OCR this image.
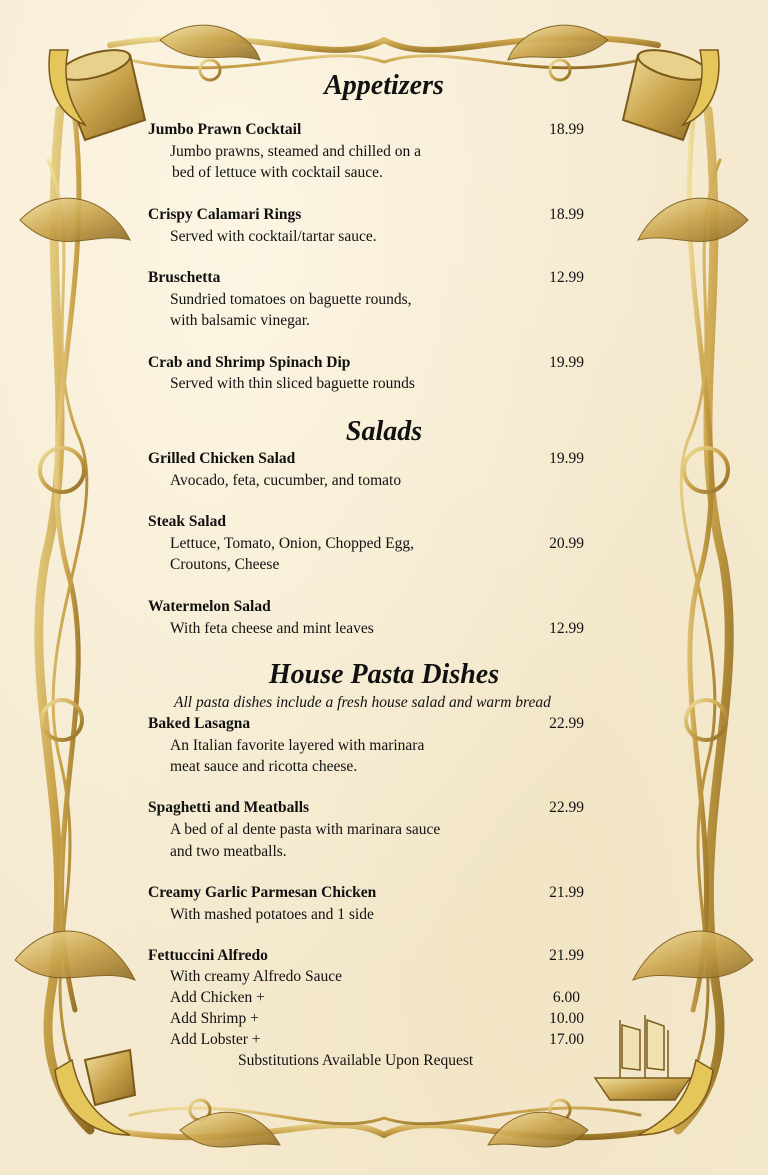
Appetizers
Jumbo Prawn Cocktail	18.99
Jumbo prawns, steamed and chilled on a
bed of lettuce with cocktail sauce.
Crispy Calamari Rings	18.99
Served with cocktail/tartar sauce.
Bruschetta	12.99
Sundried tomatoes on baguette rounds,
with balsamic vinegar.
Crab and Shrimp Spinach Dip	19.99
Served with thin sliced baguette rounds
Salads
Grilled Chicken Salad	19.99
Avocado, feta, cucumber, and tomato
Steak Salad
Lettuce, Tomato, Onion, Chopped Egg,	20.99
Croutons, Cheese
Watermelon Salad
With feta cheese and mint leaves	12.99
House Pasta Dishes
All pasta dishes include a fresh house salad and warm bread
Baked Lasagna	22.99
An Italian favorite layered with marinara
meat sauce and ricotta cheese.
Spaghetti and Meatballs	22.99
A bed of al dente pasta with marinara sauce
and two meatballs.
Creamy Garlic Parmesan Chicken	21.99
With mashed potatoes and 1 side
Fettuccini Alfredo	21.99
With creamy Alfredo Sauce
Add Chicken +	6.00
Add Shrimp +	10.00
Add Lobster +	17.00
Substitutions Available Upon Request
